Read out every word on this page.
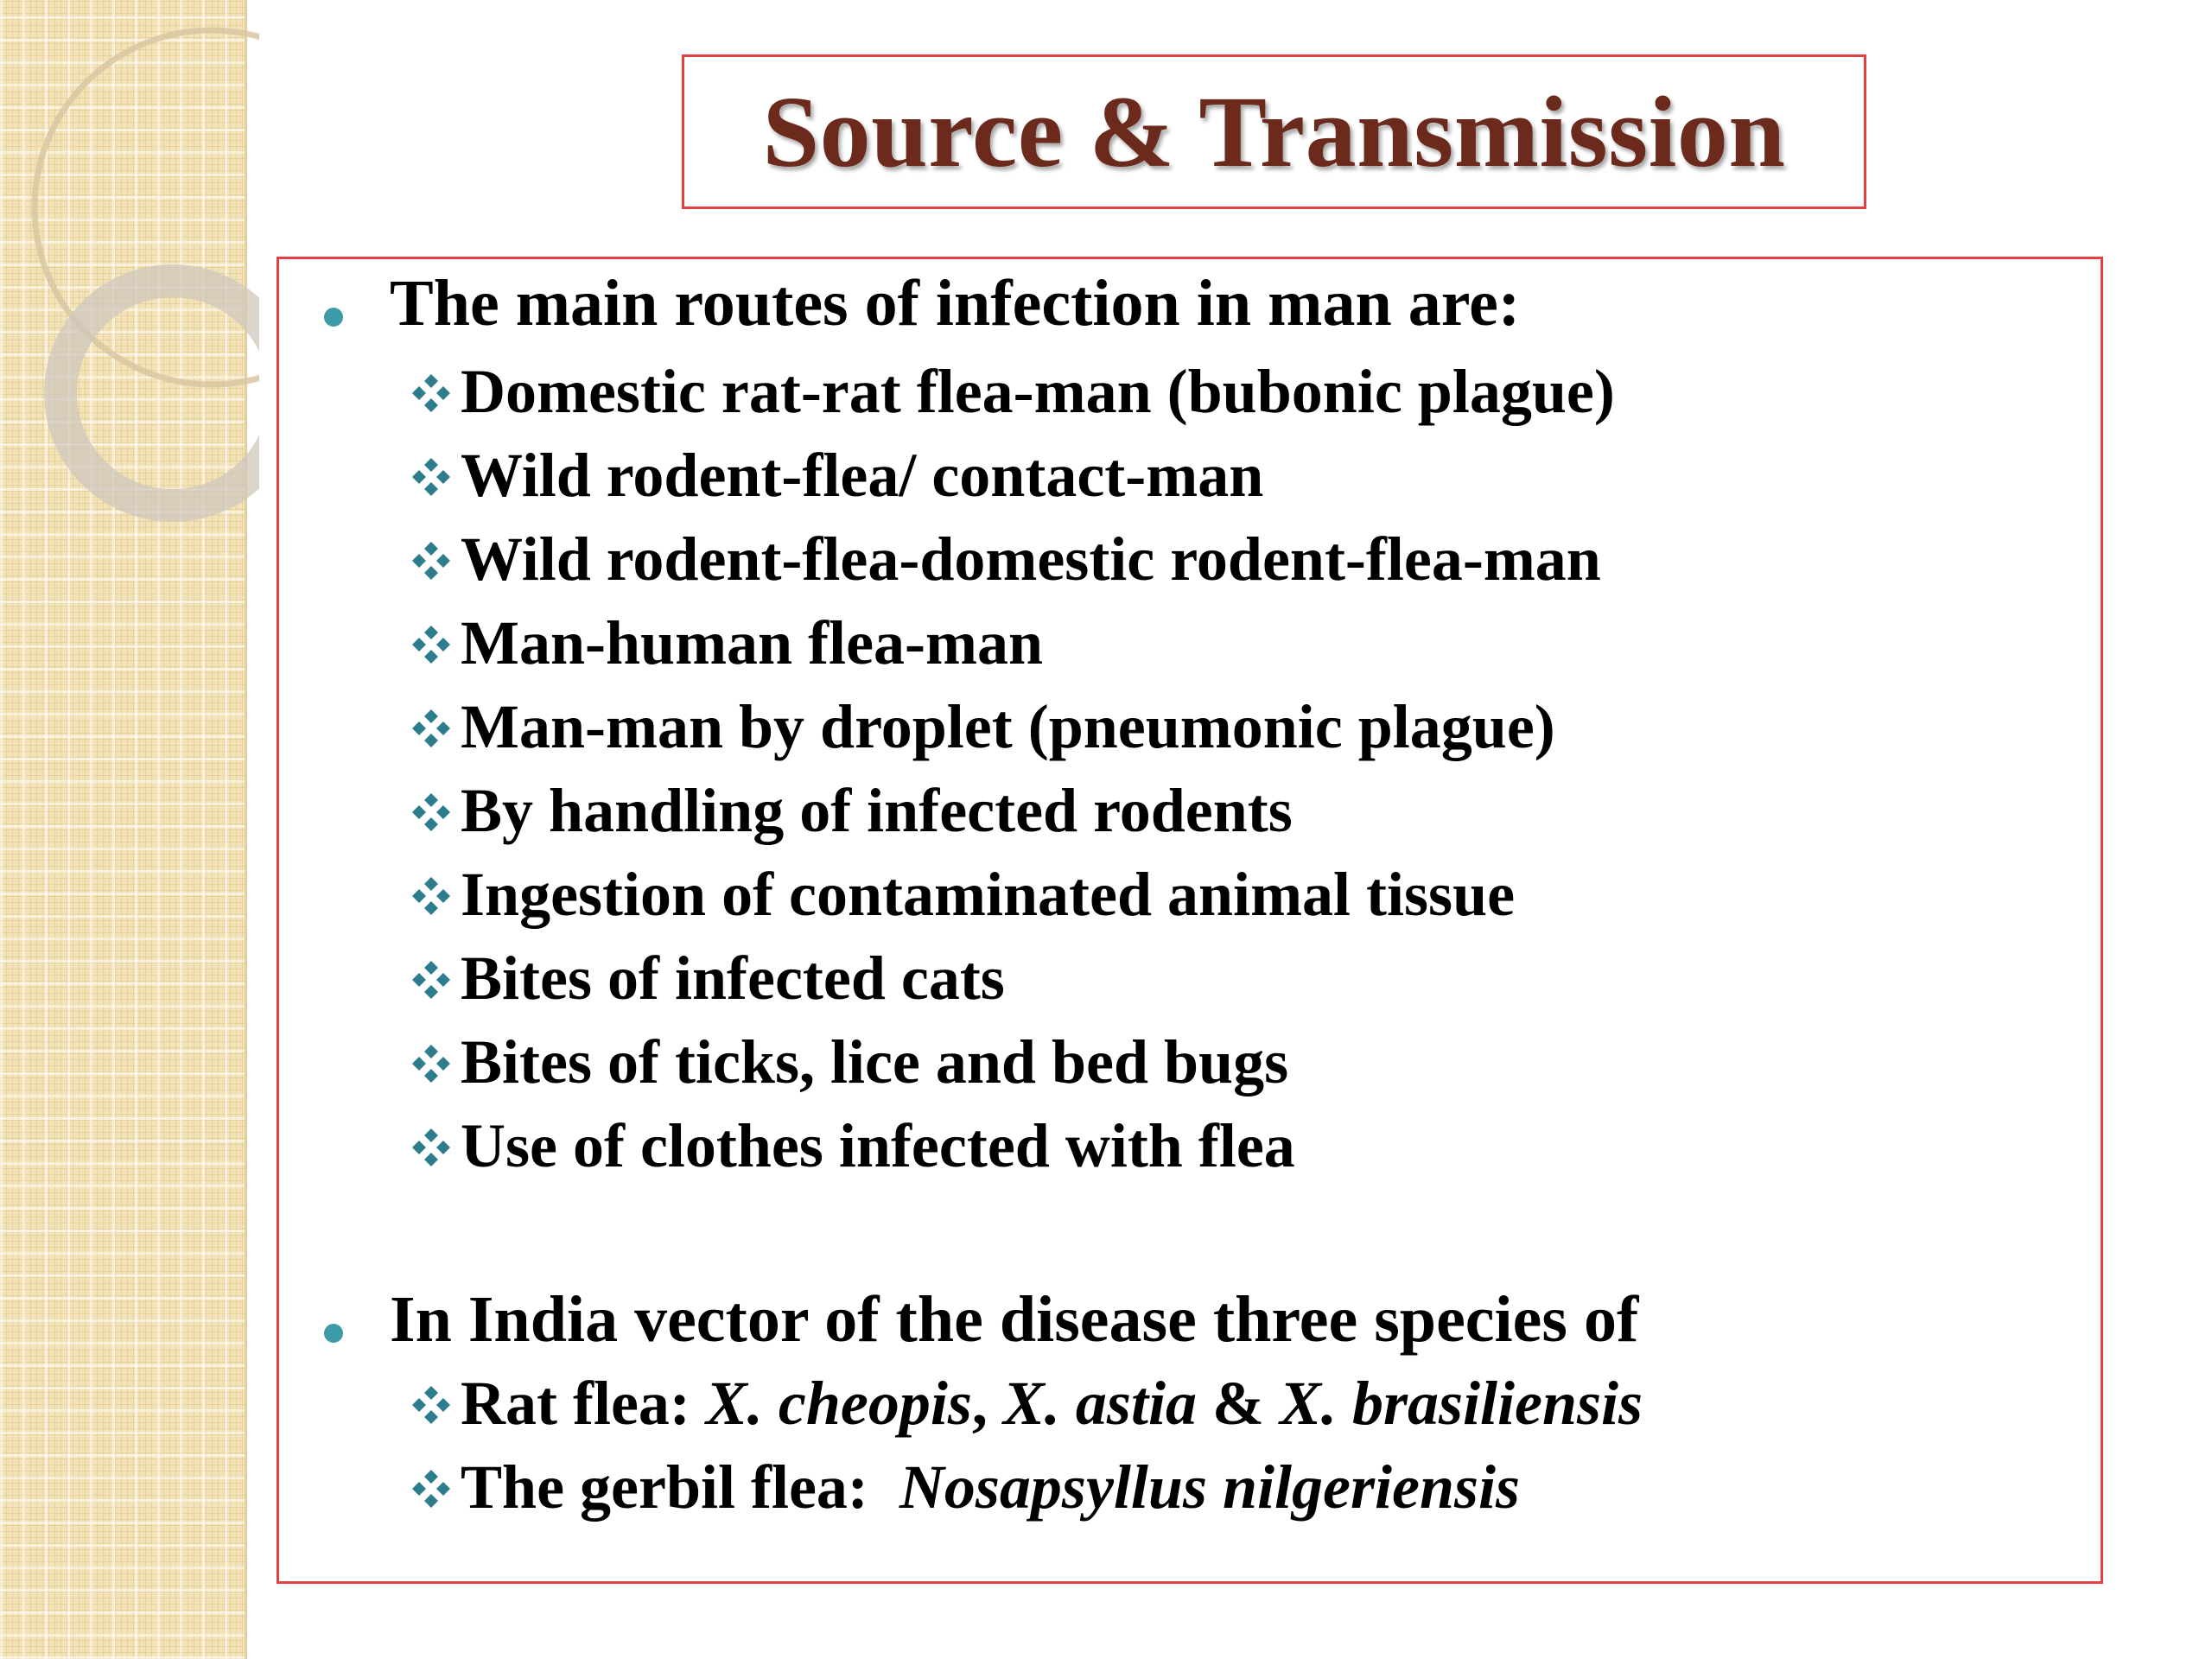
Source & Transmission
The main routes of infection in man are:
Domestic rat-rat flea-man (bubonic plague)
Wild rodent-flea/ contact-man
Wild rodent-flea-domestic rodent-flea-man
Man-human flea-man
Man-man by droplet (pneumonic plague)
By handling of infected rodents
Ingestion of contaminated animal tissue
Bites of infected cats
Bites of ticks, lice and bed bugs
Use of clothes infected with flea
In India vector of the disease three species of
Rat flea: X. cheopis, X. astia & X. brasiliensis
The gerbil flea:  Nosapsyllus nilgeriensis
